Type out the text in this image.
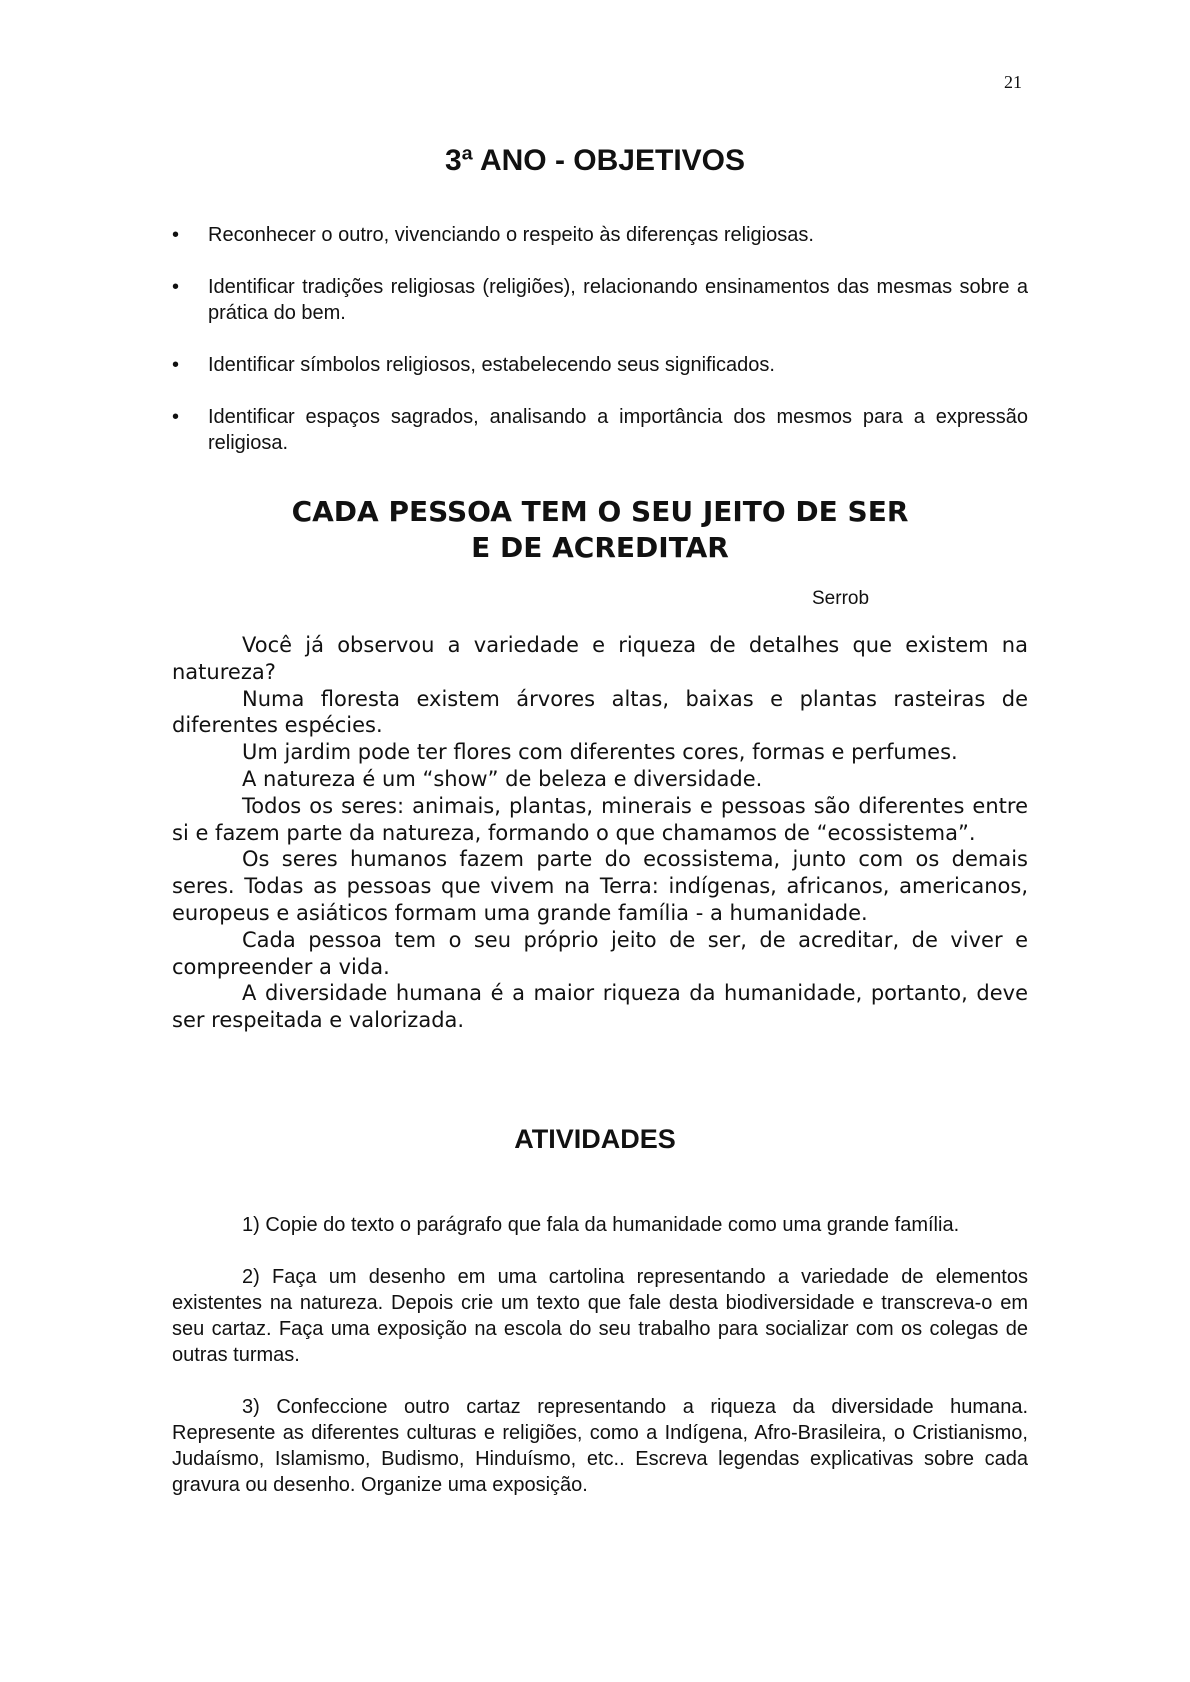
21
3ª ANO - OBJETIVOS
• Reconhecer o outro, vivenciando o respeito às diferenças religiosas.
• Identificar tradições religiosas (religiões), relacionando ensinamentos das mesmas sobre a prática do bem.
• Identificar símbolos religiosos, estabelecendo seus significados.
• Identificar espaços sagrados, analisando a importância dos mesmos para a expressão religiosa.
CADA PESSOA TEM O SEU JEITO DE SER
E DE ACREDITAR
Serrob

Você já observou a variedade e riqueza de detalhes que existem na natureza?

Numa floresta existem árvores altas, baixas e plantas rasteiras de diferentes espécies.

Um jardim pode ter flores com diferentes cores, formas e perfumes.

A natureza é um “show” de beleza e diversidade.

Todos os seres: animais, plantas, minerais e pessoas são diferentes entre si e fazem parte da natureza, formando o que chamamos de “ecossistema”.

Os seres humanos fazem parte do ecossistema, junto com os demais seres. Todas as pessoas que vivem na Terra: indígenas, africanos, americanos, europeus e asiáticos formam uma grande família - a humanidade.

Cada pessoa tem o seu próprio jeito de ser, de acreditar, de viver e compreender a vida.

A diversidade humana é a maior riqueza da humanidade, portanto, deve ser respeitada e valorizada.

ATIVIDADES

1) Copie do texto o parágrafo que fala da humanidade como uma grande família.

2) Faça um desenho em uma cartolina representando a variedade de elementos existentes na natureza. Depois crie um texto que fale desta biodiversidade e transcreva-o em seu cartaz. Faça uma exposição na escola do seu trabalho para socializar com os colegas de outras turmas.

3) Confeccione outro cartaz representando a riqueza da diversidade humana. Represente as diferentes culturas e religiões, como a Indígena, Afro-Brasileira, o Cristianismo, Judaísmo, Islamismo, Budismo, Hinduísmo, etc.. Escreva legendas explicativas sobre cada gravura ou desenho. Organize uma exposição.
